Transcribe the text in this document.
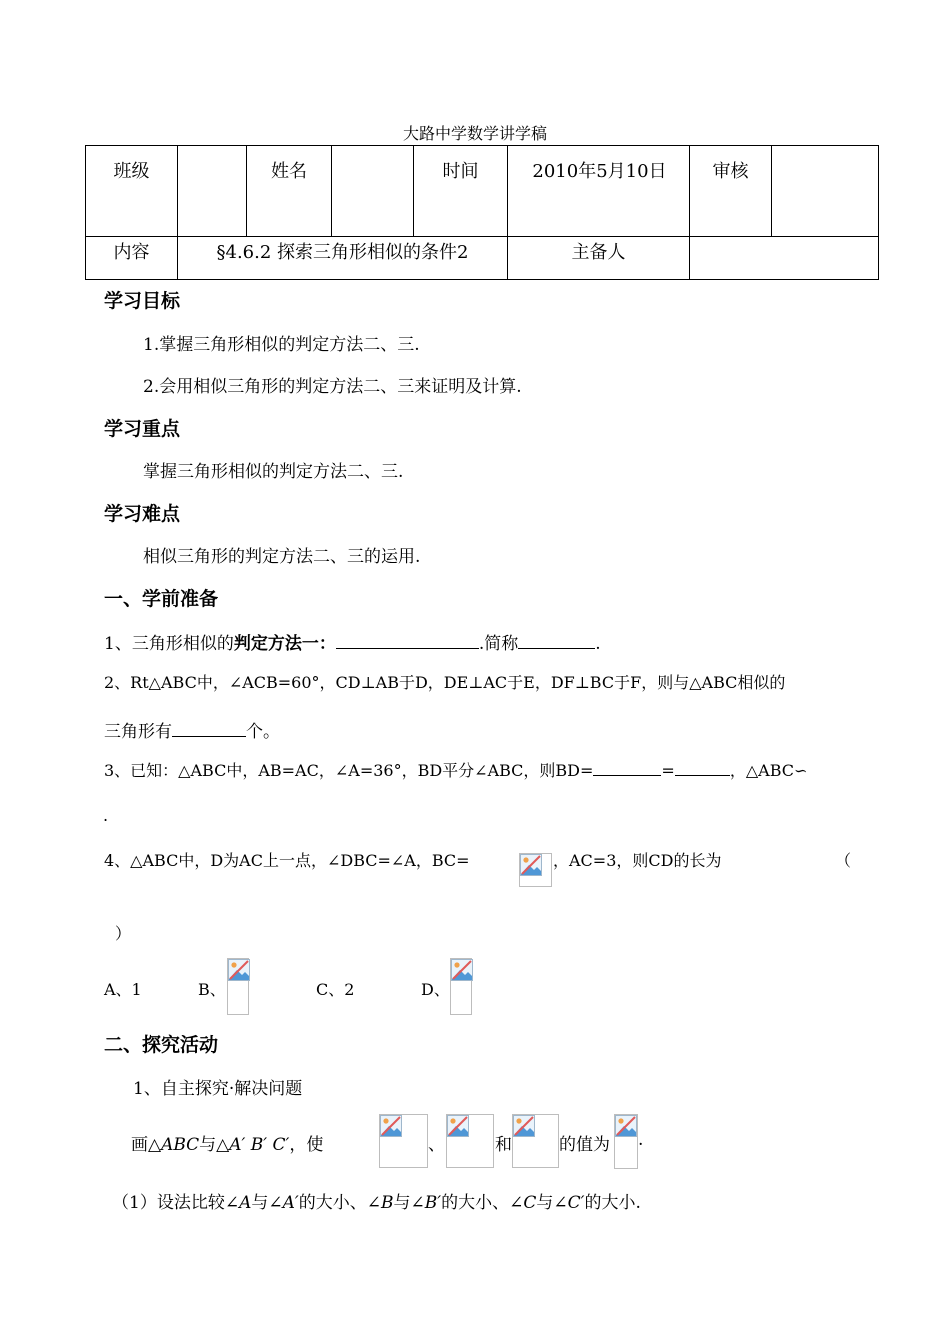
大路中学数学讲学稿
班级		姓名		时间	2010年5月10日	审核	
内容	§4.6.2 探索三角形相似的条件2				主备人		
学习目标
1.掌握三角形相似的判定方法二、三.
2.会用相似三角形的判定方法二、三来证明及计算.
学习重点
掌握三角形相似的判定方法二、三.
学习难点
相似三角形的判定方法二、三的运用.
一、学前准备
1、三角形相似的判定方法一：	.简称	.
2、Rt△ABC中，∠ACB=60°，CD⊥AB于D，DE⊥AC于E，DF⊥BC于F，则与△ABC相似的
三角形有	个。
3、已知：△ABC中，AB=AC，∠A=36°，BD平分∠ABC，则BD=	=	，△ABC∽
.
4、△ABC中，D为AC上一点，∠DBC=∠A，BC=	，AC=3，则CD的长为	（
）
A、1	B、	C、2	D、
二、探究活动
1、自主探究·解决问题
画△ABC与△A′ B′ C′，使	、	和	的值为 .
（1）设法比较∠A与∠A′的大小、∠B与∠B′的大小、∠C与∠C′的大小.
